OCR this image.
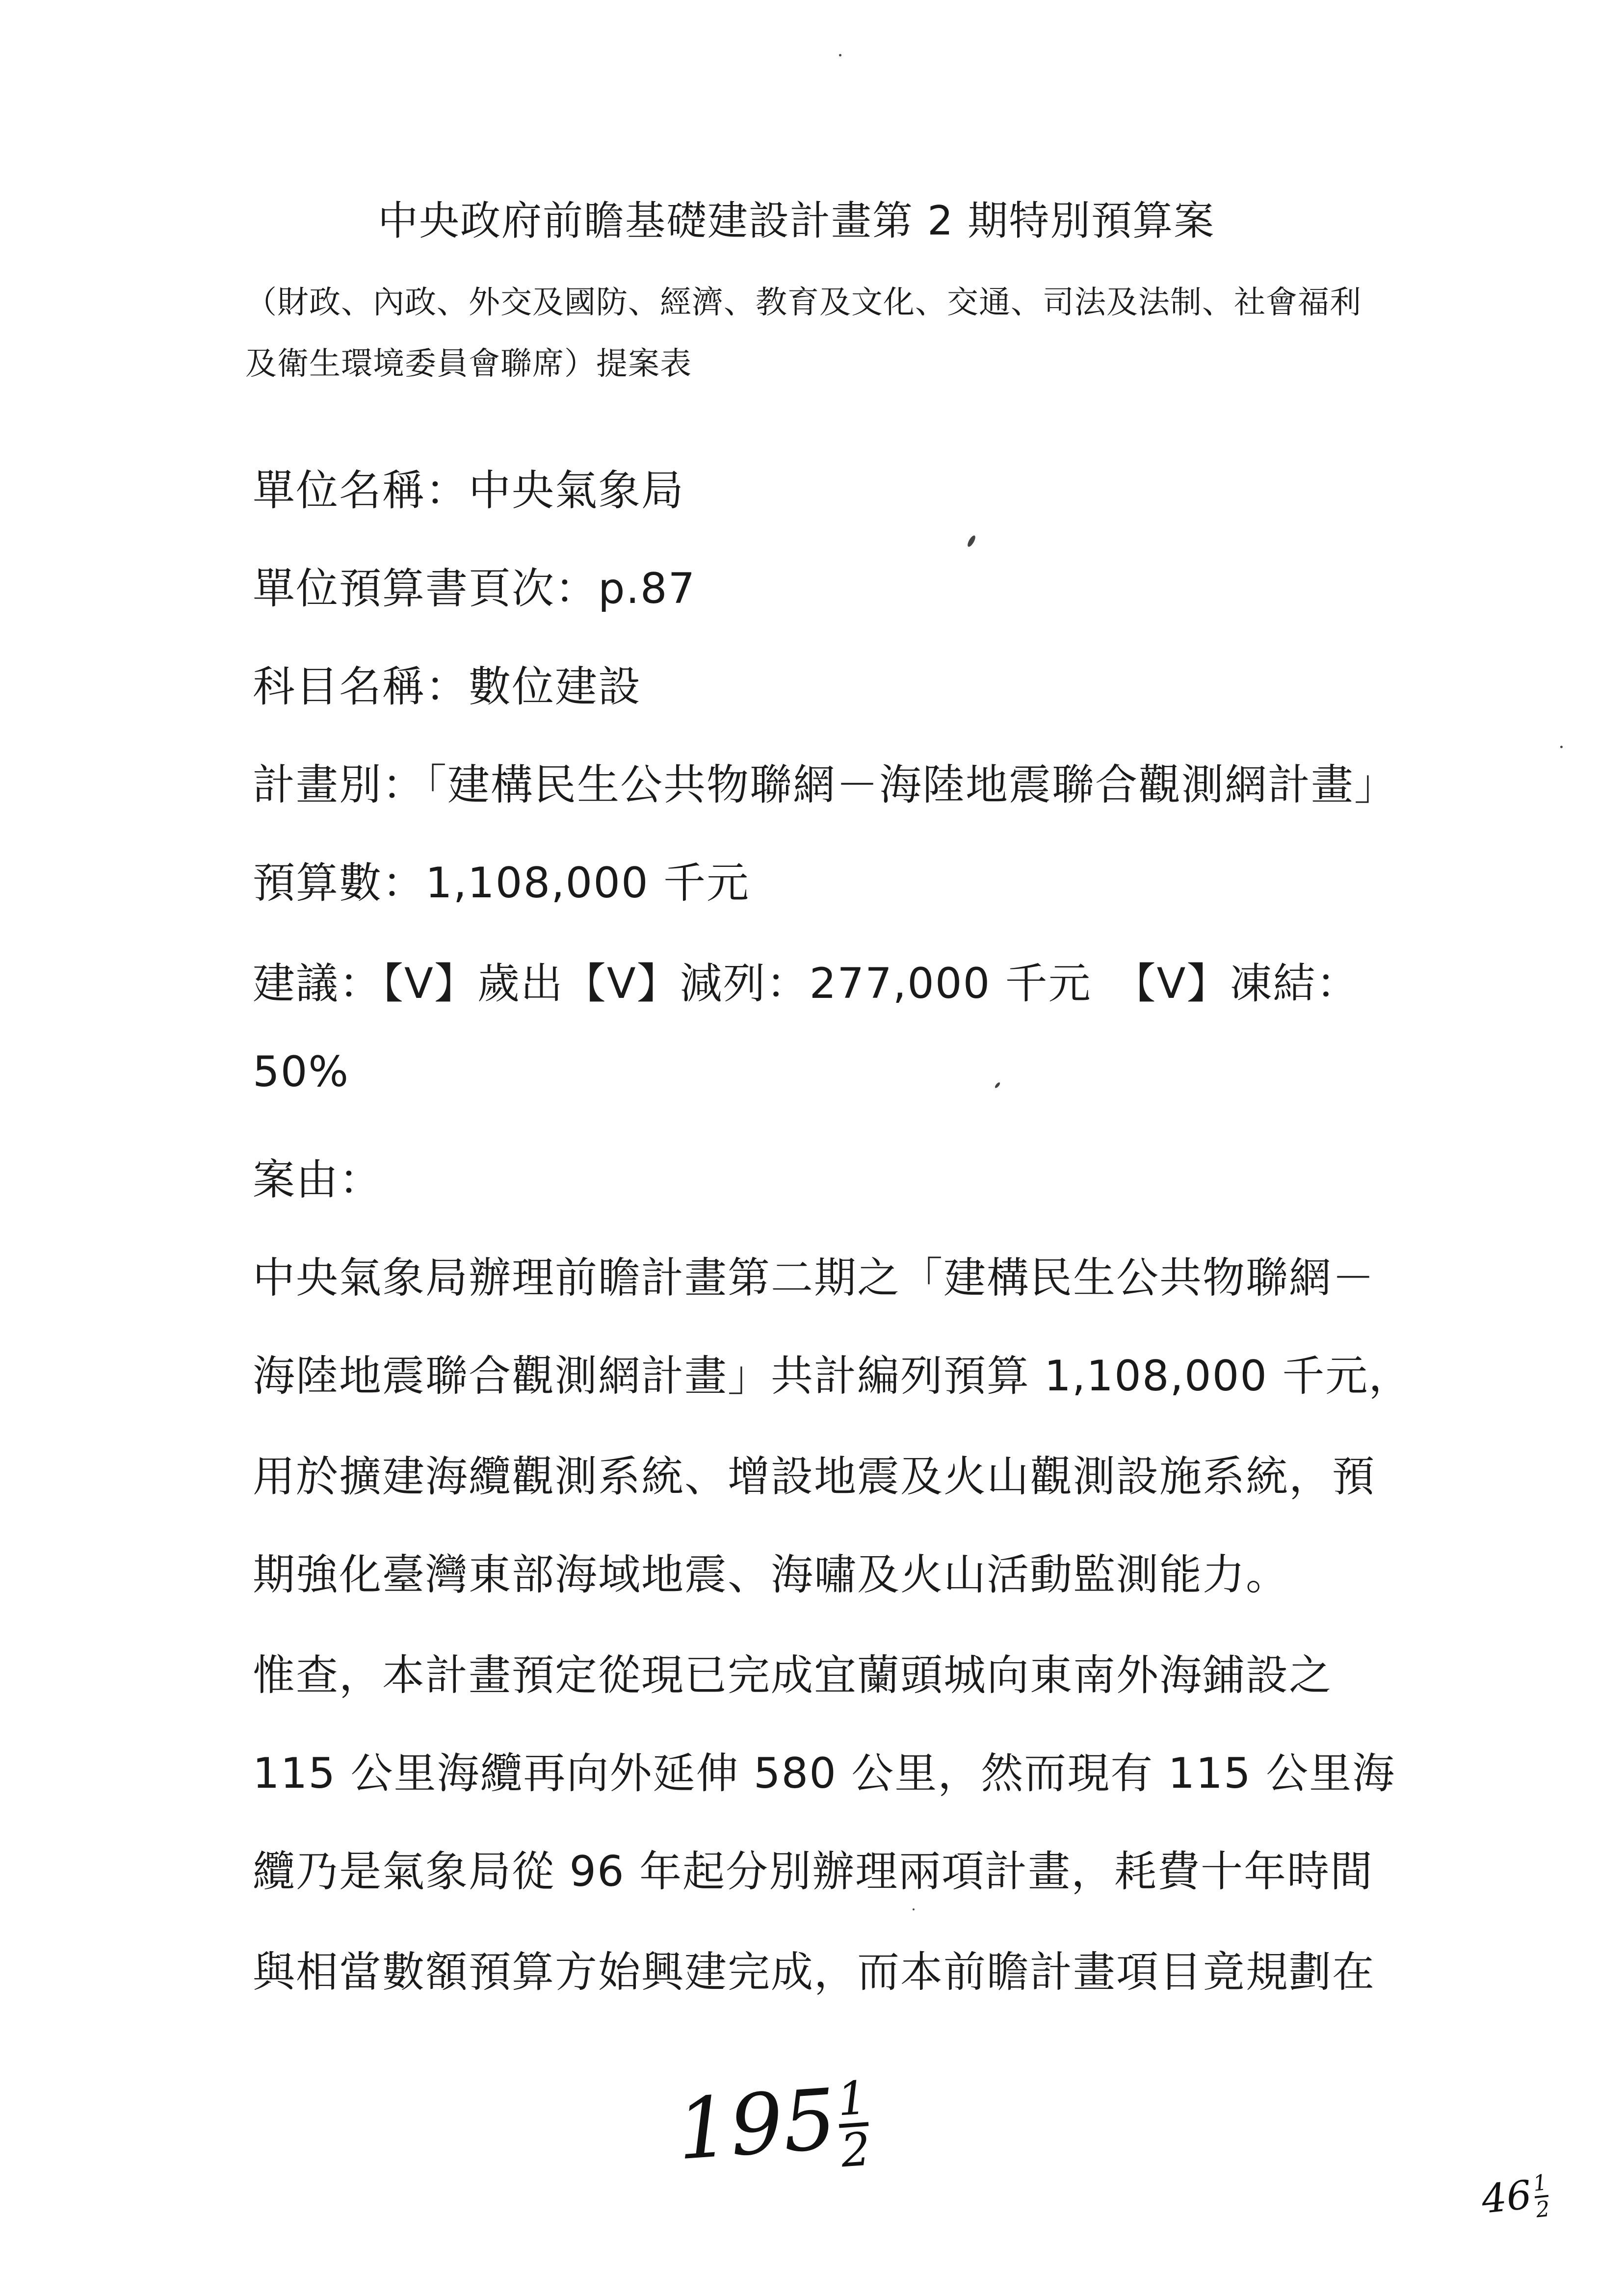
中央政府前瞻基礎建設計畫第 2 期特別預算案
（財政、內政、外交及國防、經濟、教育及文化、交通、司法及法制、社會福利
及衛生環境委員會聯席）提案表
單位名稱：中央氣象局
單位預算書頁次：p.87
科目名稱：數位建設
計畫別：「建構民生公共物聯網－海陸地震聯合觀測網計畫」
預算數：1,108,000 千元
建議：【V】歲出【V】減列：277,000 千元　【V】凍結：
50%
案由：
中央氣象局辦理前瞻計畫第二期之「建構民生公共物聯網－
海陸地震聯合觀測網計畫」共計編列預算 1,108,000 千元，
用於擴建海纜觀測系統、增設地震及火山觀測設施系統，預
期強化臺灣東部海域地震、海嘯及火山活動監測能力。
惟查，本計畫預定從現已完成宜蘭頭城向東南外海鋪設之
115 公里海纜再向外延伸 580 公里，然而現有 115 公里海
纜乃是氣象局從 96 年起分別辦理兩項計畫，耗費十年時間
與相當數額預算方始興建完成，而本前瞻計畫項目竟規劃在
195
1
2
46
1
2
